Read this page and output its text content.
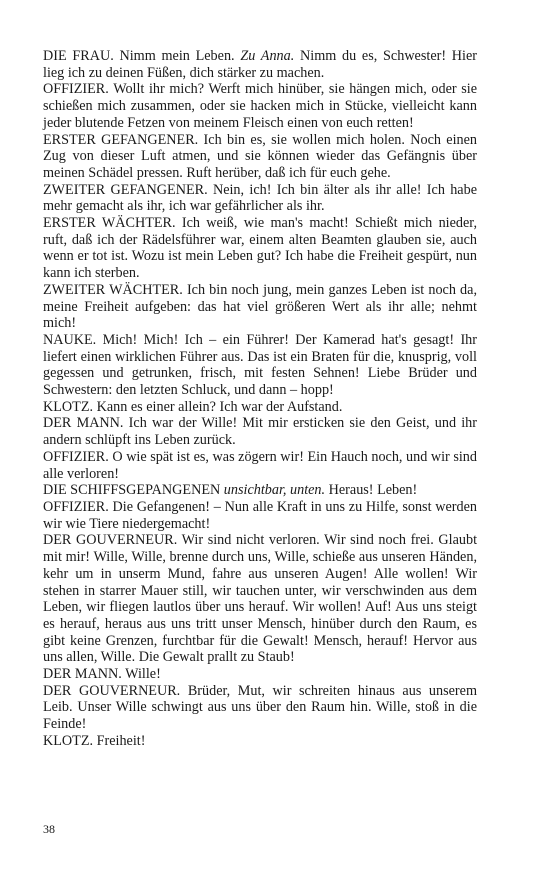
DIE FRAU. Nimm mein Leben. Zu Anna. Nimm du es, Schwester! Hier lieg ich zu deinen Füßen, dich stärker zu machen.

OFFIZIER. Wollt ihr mich? Werft mich hinüber, sie hängen mich, oder sie schießen mich zusammen, oder sie hacken mich in Stücke, vielleicht kann jeder blutende Fetzen von meinem Fleisch einen von euch retten!

ERSTER GEFANGENER. Ich bin es, sie wollen mich holen. Noch einen Zug von dieser Luft atmen, und sie können wieder das Gefängnis über meinen Schädel pressen. Ruft herüber, daß ich für euch gehe.

ZWEITER GEFANGENER. Nein, ich! Ich bin älter als ihr alle! Ich habe mehr gemacht als ihr, ich war gefährlicher als ihr.

ERSTER WÄCHTER. Ich weiß, wie man's macht! Schießt mich nieder, ruft, daß ich der Rädelsführer war, einem alten Beamten glauben sie, auch wenn er tot ist. Wozu ist mein Leben gut? Ich habe die Freiheit gespürt, nun kann ich sterben.

ZWEITER WÄCHTER. Ich bin noch jung, mein ganzes Leben ist noch da, meine Freiheit aufgeben: das hat viel größeren Wert als ihr alle; nehmt mich!

NAUKE. Mich! Mich! Ich – ein Führer! Der Kamerad hat's gesagt! Ihr liefert einen wirklichen Führer aus. Das ist ein Braten für die, knusprig, voll gegessen und getrunken, frisch, mit festen Sehnen! Liebe Brüder und Schwestern: den letzten Schluck, und dann – hopp!

KLOTZ. Kann es einer allein? Ich war der Aufstand.

DER MANN. Ich war der Wille! Mit mir ersticken sie den Geist, und ihr andern schlüpft ins Leben zurück.

OFFIZIER. O wie spät ist es, was zögern wir! Ein Hauch noch, und wir sind alle verloren!

DIE SCHIFFSGEPANGENEN unsichtbar, unten. Heraus! Leben!

OFFIZIER. Die Gefangenen! – Nun alle Kraft in uns zu Hilfe, sonst werden wir wie Tiere niedergemacht!

DER GOUVERNEUR. Wir sind nicht verloren. Wir sind noch frei. Glaubt mit mir! Wille, Wille, brenne durch uns, Wille, schieße aus unseren Händen, kehr um in unserm Mund, fahre aus unseren Augen! Alle wollen! Wir stehen in starrer Mauer still, wir tauchen unter, wir verschwinden aus dem Leben, wir fliegen lautlos über uns herauf. Wir wollen! Auf! Aus uns steigt es herauf, heraus aus uns tritt unser Mensch, hinüber durch den Raum, es gibt keine Grenzen, furchtbar für die Gewalt! Mensch, herauf! Hervor aus uns allen, Wille. Die Gewalt prallt zu Staub!

DER MANN. Wille!

DER GOUVERNEUR. Brüder, Mut, wir schreiten hinaus aus unserem Leib. Unser Wille schwingt aus uns über den Raum hin. Wille, stoß in die Feinde!

KLOTZ. Freiheit!

38
